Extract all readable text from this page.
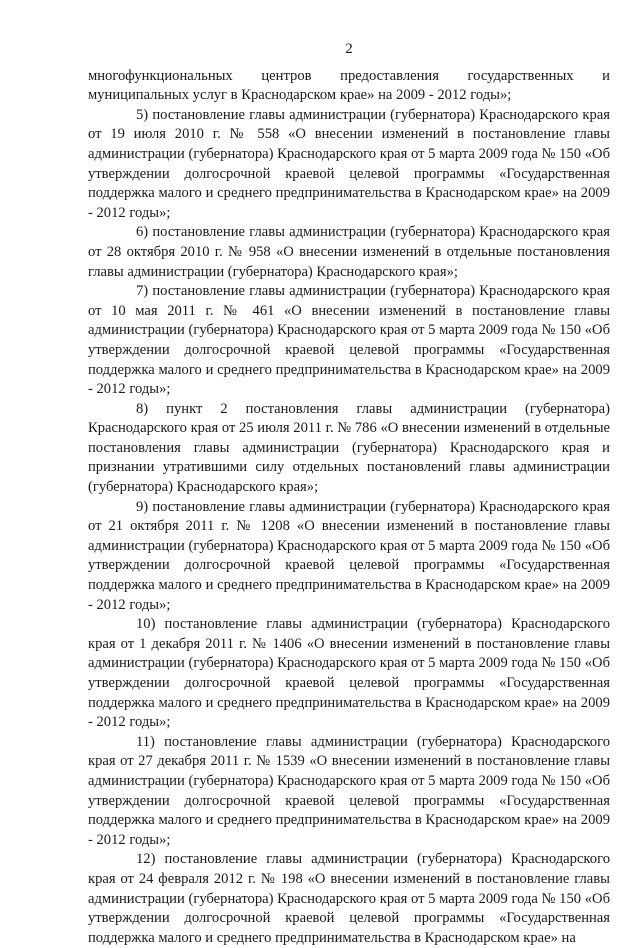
2

многофункциональных центров предоставления государственных и муниципальных услуг в Краснодарском крае» на 2009 - 2012 годы»;

5) постановление главы администрации (губернатора) Краснодарского края от 19 июля 2010 г. № 558 «О внесении изменений в постановление главы администрации (губернатора) Краснодарского края от 5 марта 2009 года № 150 «Об утверждении долгосрочной краевой целевой программы «Государственная поддержка малого и среднего предпринимательства в Краснодарском крае» на 2009 - 2012 годы»;

6) постановление главы администрации (губернатора) Краснодарского края от 28 октября 2010 г. № 958 «О внесении изменений в отдельные постановления главы администрации (губернатора) Краснодарского края»;

7) постановление главы администрации (губернатора) Краснодарского края от 10 мая 2011 г. № 461 «О внесении изменений в постановление главы администрации (губернатора) Краснодарского края от 5 марта 2009 года № 150 «Об утверждении долгосрочной краевой целевой программы «Государственная поддержка малого и среднего предпринимательства в Краснодарском крае» на 2009 - 2012 годы»;

8) пункт 2 постановления главы администрации (губернатора) Краснодарского края от 25 июля 2011 г. № 786 «О внесении изменений в отдельные постановления главы администрации (губернатора) Краснодарского края и признании утратившими силу отдельных постановлений главы администрации (губернатора) Краснодарского края»;

9) постановление главы администрации (губернатора) Краснодарского края от 21 октября 2011 г. № 1208 «О внесении изменений в постановление главы администрации (губернатора) Краснодарского края от 5 марта 2009 года № 150 «Об утверждении долгосрочной краевой целевой программы «Государственная поддержка малого и среднего предпринимательства в Краснодарском крае» на 2009 - 2012 годы»;

10) постановление главы администрации (губернатора) Краснодарского края от 1 декабря 2011 г. № 1406 «О внесении изменений в постановление главы администрации (губернатора) Краснодарского края от 5 марта 2009 года № 150 «Об утверждении долгосрочной краевой целевой программы «Государственная поддержка малого и среднего предпринимательства в Краснодарском крае» на 2009 - 2012 годы»;

11) постановление главы администрации (губернатора) Краснодарского края от 27 декабря 2011 г. № 1539 «О внесении изменений в постановление главы администрации (губернатора) Краснодарского края от 5 марта 2009 года № 150 «Об утверждении долгосрочной краевой целевой программы «Государственная поддержка малого и среднего предпринимательства в Краснодарском крае» на 2009 - 2012 годы»;

12) постановление главы администрации (губернатора) Краснодарского края от 24 февраля 2012 г. № 198 «О внесении изменений в постановление главы администрации (губернатора) Краснодарского края от 5 марта 2009 года № 150 «Об утверждении долгосрочной краевой целевой программы «Государственная поддержка малого и среднего предпринимательства в Краснодарском крае» на
